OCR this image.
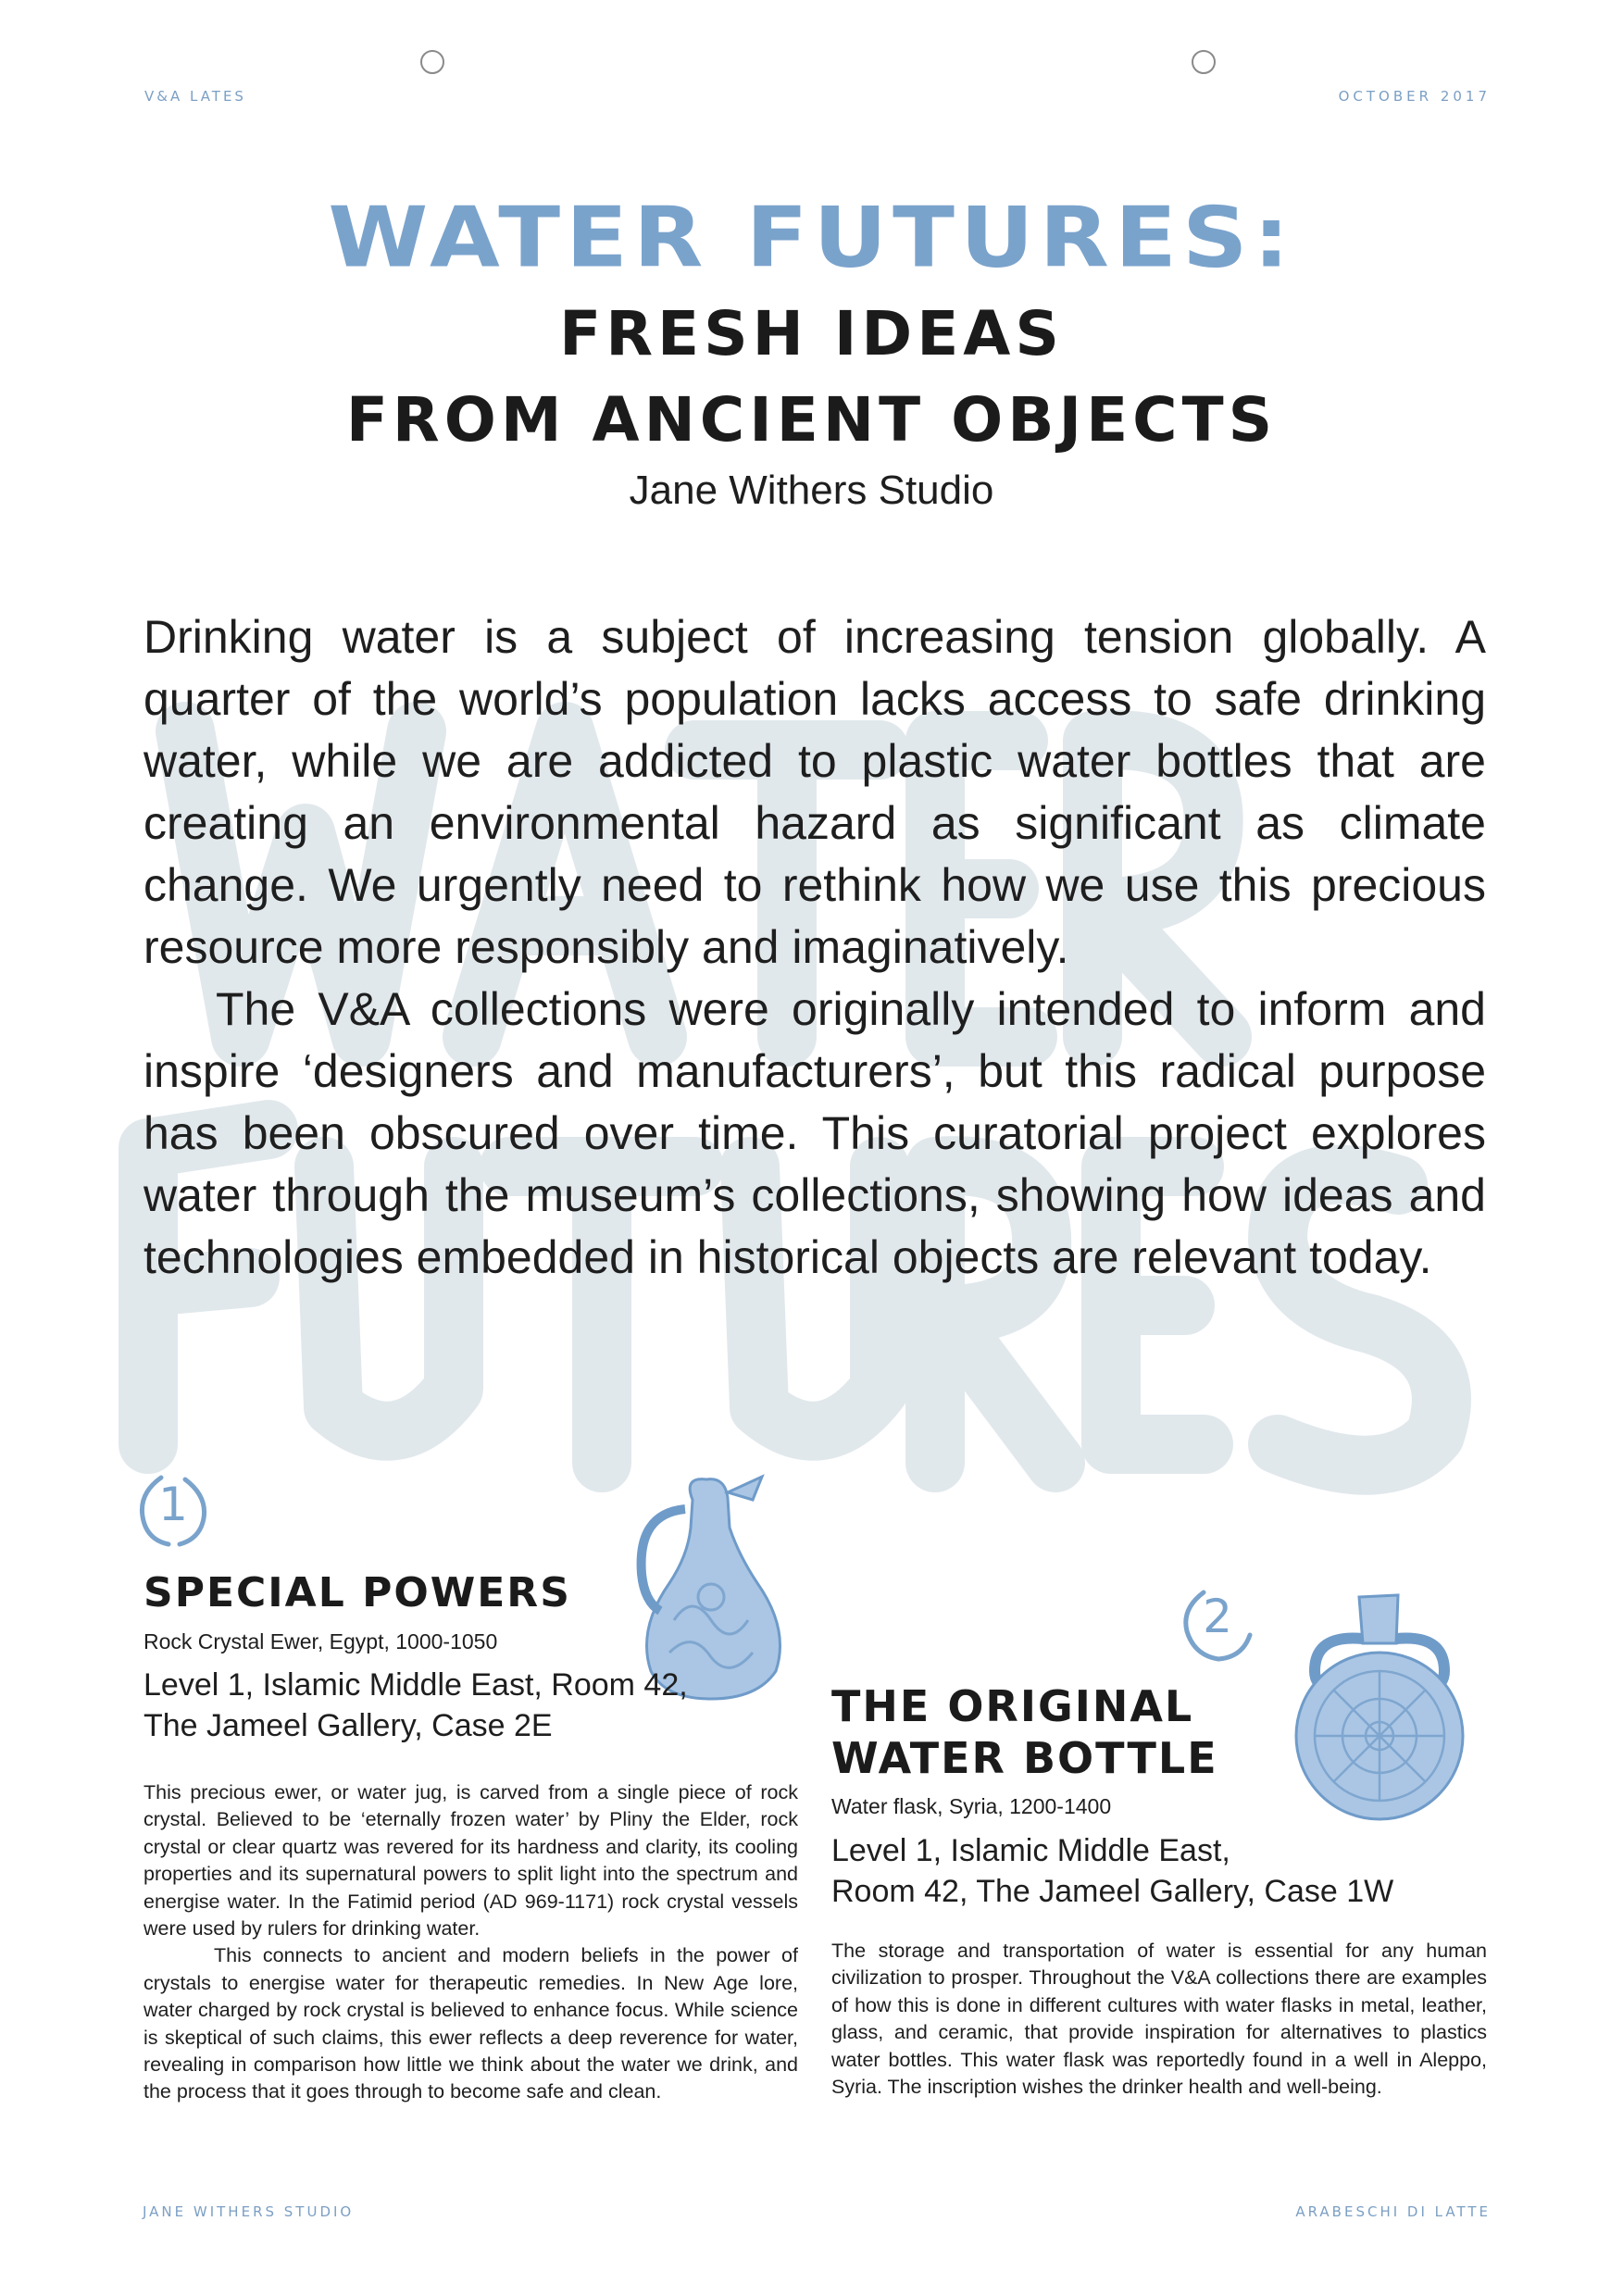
V&A LATES	OCTOBER 2017
WATER FUTURES:
FRESH IDEAS
FROM ANCIENT OBJECTS
Jane Withers Studio

Drinking water is a subject of increasing tension globally. A quarter of the world’s population lacks access to safe drinking water, while we are addicted to plastic water bottles that are creating an environmental hazard as significant as climate change. We urgently need to rethink how we use this precious resource more responsibly and imaginatively.

The V&A collections were originally intended to inform and inspire ‘designers and manufacturers’, but this radical purpose has been obscured over time. This curatorial project explores water through the museum’s collections, showing how ideas and technologies embedded in historical objects are relevant today.

1
SPECIAL POWERS
Rock Crystal Ewer, Egypt, 1000-1050
Level 1, Islamic Middle East, Room 42,
The Jameel Gallery, Case 2E

This precious ewer, or water jug, is carved from a single piece of rock crystal. Believed to be ‘eternally frozen water’ by Pliny the Elder, rock crystal or clear quartz was revered for its hardness and clarity, its cooling properties and its supernatural powers to split light into the spectrum and energise water. In the Fatimid period (AD 969-1171) rock crystal vessels were used by rulers for drinking water.

This connects to ancient and modern beliefs in the power of crystals to energise water for therapeutic remedies. In New Age lore, water charged by rock crystal is believed to enhance focus. While science is skeptical of such claims, this ewer reflects a deep reverence for water, revealing in comparison how little we think about the water we drink, and the process that it goes through to become safe and clean.

2
THE ORIGINAL
WATER BOTTLE
Water flask, Syria, 1200-1400
Level 1, Islamic Middle East,
Room 42, The Jameel Gallery, Case 1W

The storage and transportation of water is essential for any human civilization to prosper. Throughout the V&A collections there are examples of how this is done in different cultures with water flasks in metal, leather, glass, and ceramic, that provide inspiration for alternatives to plastics water bottles. This water flask was reportedly found in a well in Aleppo, Syria. The inscription wishes the drinker health and well-being.

JANE WITHERS STUDIO	ARABESCHI DI LATTE
